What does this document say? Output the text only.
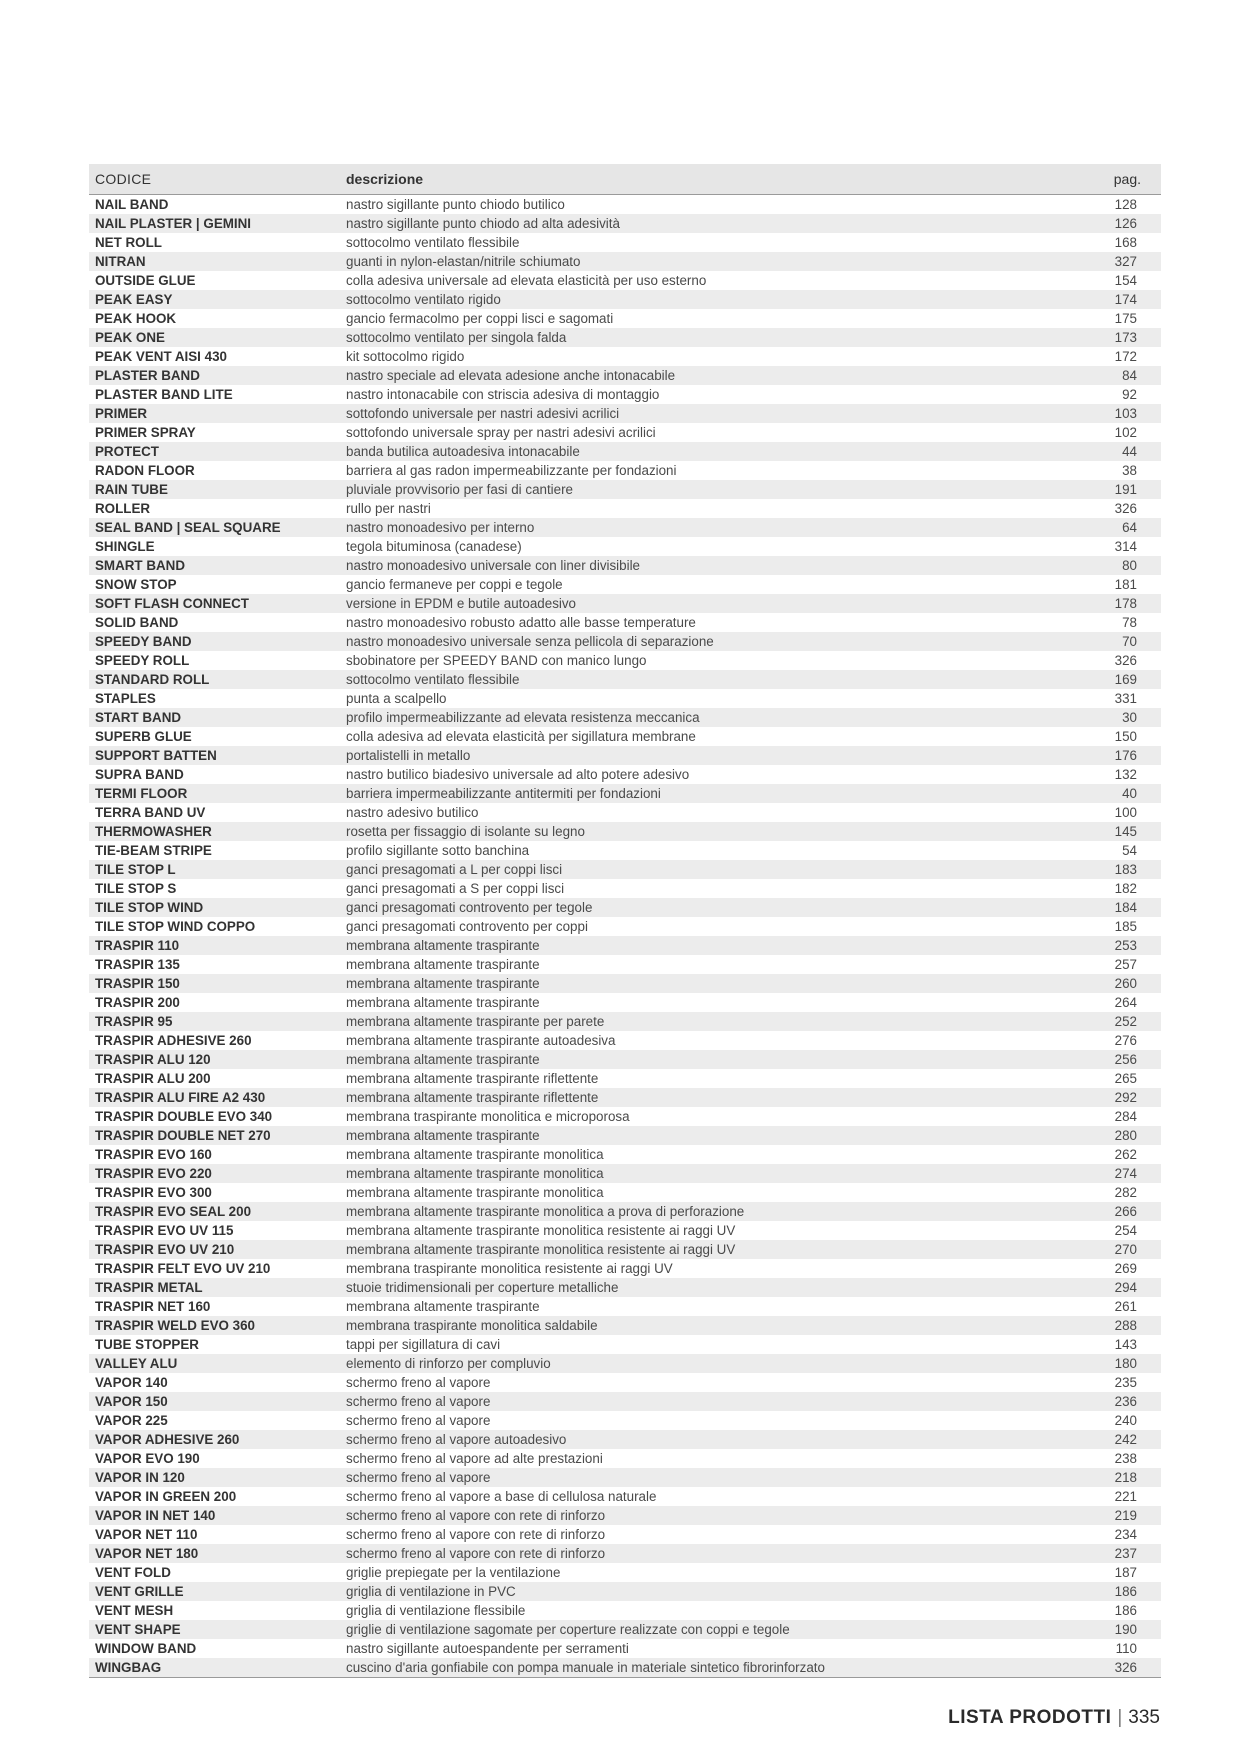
CODICE	descrizione	pag.
NAIL BAND	nastro sigillante punto chiodo butilico	128
NAIL PLASTER | GEMINI	nastro sigillante punto chiodo ad alta adesività	126
NET ROLL	sottocolmo ventilato flessibile	168
NITRAN	guanti in nylon-elastan/nitrile schiumato	327
OUTSIDE GLUE	colla adesiva universale ad elevata elasticità per uso esterno	154
PEAK EASY	sottocolmo ventilato rigido	174
PEAK HOOK	gancio fermacolmo per coppi lisci e sagomati	175
PEAK ONE	sottocolmo ventilato per singola falda	173
PEAK VENT AISI 430	kit sottocolmo rigido	172
PLASTER BAND	nastro speciale ad elevata adesione anche intonacabile	84
PLASTER BAND LITE	nastro intonacabile con striscia adesiva di montaggio	92
PRIMER	sottofondo universale per nastri adesivi acrilici	103
PRIMER SPRAY	sottofondo universale spray per nastri adesivi acrilici	102
PROTECT	banda butilica autoadesiva intonacabile	44
RADON FLOOR	barriera al gas radon impermeabilizzante per fondazioni	38
RAIN TUBE	pluviale provvisorio per fasi di cantiere	191
ROLLER	rullo per nastri	326
SEAL BAND | SEAL SQUARE	nastro monoadesivo per interno	64
SHINGLE	tegola bituminosa (canadese)	314
SMART BAND	nastro monoadesivo universale con liner divisibile	80
SNOW STOP	gancio fermaneve per coppi e tegole	181
SOFT FLASH CONNECT	versione in EPDM e butile autoadesivo	178
SOLID BAND	nastro monoadesivo robusto adatto alle basse temperature	78
SPEEDY BAND	nastro monoadesivo universale senza pellicola di separazione	70
SPEEDY ROLL	sbobinatore per SPEEDY BAND con manico lungo	326
STANDARD ROLL	sottocolmo ventilato flessibile	169
STAPLES	punta a scalpello	331
START BAND	profilo impermeabilizzante ad elevata resistenza meccanica	30
SUPERB GLUE	colla adesiva ad elevata elasticità per sigillatura membrane	150
SUPPORT BATTEN	portalistelli in metallo	176
SUPRA BAND	nastro butilico biadesivo universale ad alto potere adesivo	132
TERMI FLOOR	barriera impermeabilizzante antitermiti per fondazioni	40
TERRA BAND UV	nastro adesivo butilico	100
THERMOWASHER	rosetta per fissaggio di isolante su legno	145
TIE-BEAM STRIPE	profilo sigillante sotto banchina	54
TILE STOP L	ganci presagomati a L per coppi lisci	183
TILE STOP S	ganci presagomati a S per coppi lisci	182
TILE STOP WIND	ganci presagomati controvento per tegole	184
TILE STOP WIND COPPO	ganci presagomati controvento per coppi	185
TRASPIR 110	membrana altamente traspirante	253
TRASPIR 135	membrana altamente traspirante	257
TRASPIR 150	membrana altamente traspirante	260
TRASPIR 200	membrana altamente traspirante	264
TRASPIR 95	membrana altamente traspirante per parete	252
TRASPIR ADHESIVE 260	membrana altamente traspirante autoadesiva	276
TRASPIR ALU 120	membrana altamente traspirante	256
TRASPIR ALU 200	membrana altamente traspirante riflettente	265
TRASPIR ALU FIRE A2 430	membrana altamente traspirante riflettente	292
TRASPIR DOUBLE EVO 340	membrana traspirante monolitica e microporosa	284
TRASPIR DOUBLE NET 270	membrana altamente traspirante	280
TRASPIR EVO 160	membrana altamente traspirante monolitica	262
TRASPIR EVO 220	membrana altamente traspirante monolitica	274
TRASPIR EVO 300	membrana altamente traspirante monolitica	282
TRASPIR EVO SEAL 200	membrana altamente traspirante monolitica a prova di perforazione	266
TRASPIR EVO UV 115	membrana altamente traspirante monolitica resistente ai raggi UV	254
TRASPIR EVO UV 210	membrana altamente traspirante monolitica resistente ai raggi UV	270
TRASPIR FELT EVO UV 210	membrana traspirante monolitica resistente ai raggi UV	269
TRASPIR METAL	stuoie tridimensionali per coperture metalliche	294
TRASPIR NET 160	membrana altamente traspirante	261
TRASPIR WELD EVO 360	membrana traspirante monolitica saldabile	288
TUBE STOPPER	tappi per sigillatura di cavi	143
VALLEY ALU	elemento di rinforzo per compluvio	180
VAPOR 140	schermo freno al vapore	235
VAPOR 150	schermo freno al vapore	236
VAPOR 225	schermo freno al vapore	240
VAPOR ADHESIVE 260	schermo freno al vapore autoadesivo	242
VAPOR EVO 190	schermo freno al vapore ad alte prestazioni	238
VAPOR IN 120	schermo freno al vapore	218
VAPOR IN GREEN 200	schermo freno al vapore a base di cellulosa naturale	221
VAPOR IN NET 140	schermo freno al vapore con rete di rinforzo	219
VAPOR NET 110	schermo freno al vapore con rete di rinforzo	234
VAPOR NET 180	schermo freno al vapore con rete di rinforzo	237
VENT FOLD	griglie prepiegate per la ventilazione	187
VENT GRILLE	griglia di ventilazione in PVC	186
VENT MESH	griglia di ventilazione flessibile	186
VENT SHAPE	griglie di ventilazione sagomate per coperture realizzate con coppi e tegole	190
WINDOW BAND	nastro sigillante autoespandente per serramenti	110
WINGBAG	cuscino d'aria gonfiabile con pompa manuale in materiale sintetico fibrorinforzato	326
LISTA PRODOTTI | 335
